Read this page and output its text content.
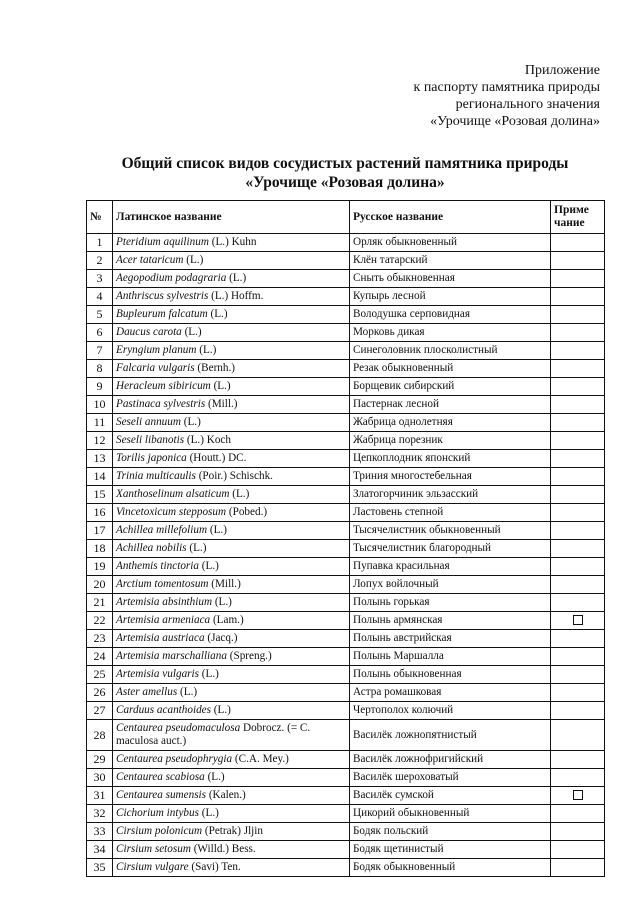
Приложение
к паспорту памятника природы
регионального значения
«Урочище «Розовая долина»
Общий список видов сосудистых растений памятника природы
«Урочище «Розовая долина»
№	Латинское название	Русское название	Приме
чание

1	Pteridium aquilinum (L.) Kuhn	Орляк обыкновенный	
2	Acer tataricum (L.)	Клён татарский	
3	Aegopodium podagraria (L.)	Сныть обыкновенная	
4	Anthriscus sylvestris (L.) Hoffm.	Купырь лесной	
5	Bupleurum falcatum (L.)	Володушка серповидная	
6	Daucus carota (L.)	Морковь дикая	
7	Eryngium planum (L.)	Синеголовник плосколистный	
8	Falcaria vulgaris (Bernh.)	Резак обыкновенный	
9	Heracleum sibiricum (L.)	Борщевик сибирский	
10	Pastinaca sylvestris (Mill.)	Пастернак лесной	
11	Seseli annuum (L.)	Жабрица однолетняя	
12	Seseli libanotis (L.) Koch	Жабрица порезник	
13	Torilis japonica (Houtt.) DC.	Цепкоплодник японский	
14	Trinia multicaulis (Poir.) Schischk.	Триния многостебельная	
15	Xanthoselinum alsaticum (L.)	Златогорчиник эльзасский	
16	Vincetoxicum stepposum (Pobed.)	Ластовень степной	
17	Achillea millefolium (L.)	Тысячелистник обыкновенный	
18	Achillea nobilis (L.)	Тысячелистник благородный	
19	Anthemis tinctoria (L.)	Пупавка красильная	
20	Arctium tomentosum (Mill.)	Лопух войлочный	
21	Artemisia absinthium (L.)	Полынь горькая	
22	Artemisia armeniaca (Lam.)	Полынь армянская	
23	Artemisia austriaca (Jacq.)	Полынь австрийская	
24	Artemisia marschalliana (Spreng.)	Полынь Маршалла	
25	Artemisia vulgaris (L.)	Полынь обыкновенная	
26	Aster amellus (L.)	Астра ромашковая	
27	Carduus acanthoides (L.)	Чертополох колючий	
28	Centaurea pseudomaculosa Dobrocz. (= C. maculosa auct.)	Василёк ложнопятнистый	
29	Centaurea pseudophrygia (C.A. Mey.)	Василёк ложнофригийский	
30	Centaurea scabiosa (L.)	Василёк шероховатый	
31	Centaurea sumensis (Kalen.)	Василёк сумской	
32	Cichorium intybus (L.)	Цикорий обыкновенный	
33	Cirsium polonicum (Petrak) Jljin	Бодяк польский	
34	Cirsium setosum (Willd.) Bess.	Бодяк щетинистый	
35	Cirsium vulgare (Savi) Ten.	Бодяк обыкновенный	
